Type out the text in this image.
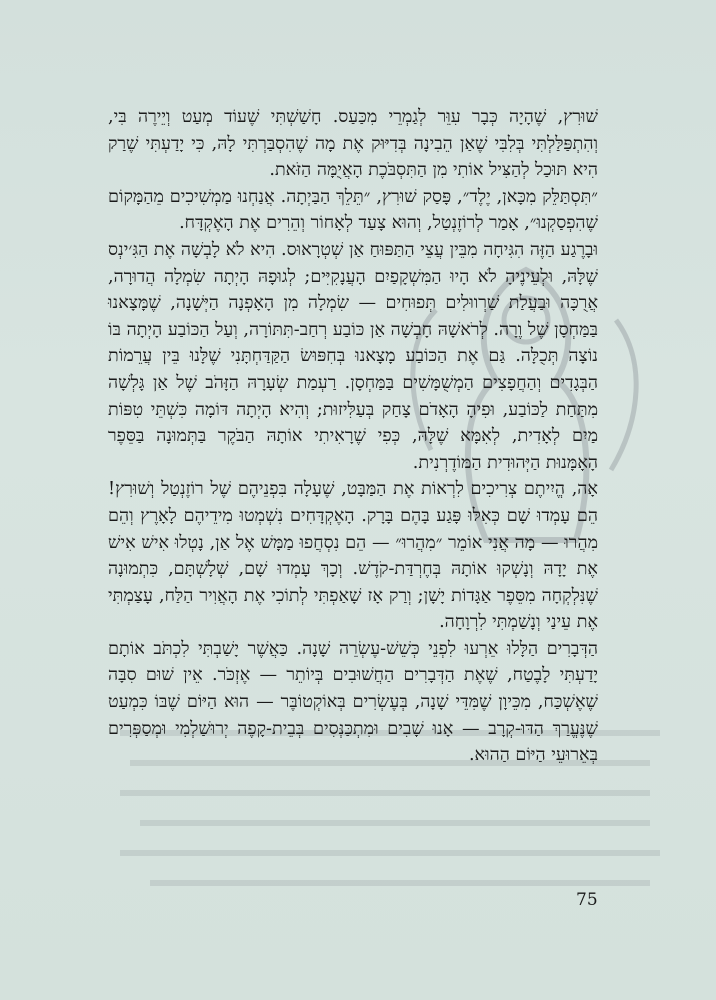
שׁוּרִץ, שֶׁהָיָה כְּבָר עִוֵּר לְגַמְרֵי מִכַּעַס. חָשַׁשְׁתִּי שֶׁעוֹד מְעַט וְיֵירֶה בִּי, וְהִתְפַּלַּלְתִּי בְּלִבִּי שֶׁאַן הֵבִינָה בְּדִיּוּק אֶת מָה שֶׁהִסְבַּרְתִּי לָהּ, כִּי יָדַעְתִּי שֶׁרַק הִיא תּוּכַל לְהַצִּיל אוֹתִי מִן הַתִּסְבֹּכֶת הָאֲיֻמָּה הַזֹּאת.

״תִּסְתַּלֵּק מִכָּאן, יֶלֶד״, פָּסַק שׁוּרִץ, ״תֵּלֵךְ הַבַּיְתָה. אֲנַחְנוּ מַמְשִׁיכִים מֵהַמָּקוֹם שֶׁהִפְסַקְנוּ״, אָמַר לְרוֹזֶנְטַל, וְהוּא צָעַד לְאָחוֹר וְהֵרִים אֶת הָאֶקְדָּח.

וּבָרֶגַע הַזֶּה הִגִּיחָה מִבֵּין עֲצֵי הַתַּפּוּחַ אַן שְׁטְרָאוּס. הִיא לֹא לָבְשָׁה אֶת הַגִּ׳ינְס שֶׁלָּהּ, וּלְעֵינֶיהָ לֹא הָיוּ הַמִּשְׁקָפַיִם הָעֲנָקִיִּים; לְגוּפָהּ הָיְתָה שִׂמְלָה הֲדוּרָה, אֲרֻכָּה וּבַעֲלַת שַׁרְווּלִים תְּפוּחִים — שִׂמְלָה מִן הָאָפְנָה הַיְּשָׁנָה, שֶׁמָּצָאנוּ בַּמַּחְסָן שֶׁל וֶרָה. לְרֹאשָׁהּ חָבְשָׁה אַן כּוֹבַע רְחַב-תִּתּוֹרָה, וְעַל הַכּוֹבַע הָיְתָה בּוֹ נוֹצָה תְּכֻלָּה. גַּם אֶת הַכּוֹבַע מָצָאנוּ בְּחִפּוּשׂ הַקַּדַּחְתָּנִי שֶׁלָּנוּ בֵּין עֲרֵמוֹת הַבְּגָדִים וְהַחֲפָצִים הַמְשֻׁמָּשִׁים בַּמַּחְסָן. רַעְמַת שְׂעָרָהּ הַזָּהֹב שֶׁל אַן גָּלְשָׁה מִתַּחַת לַכּוֹבַע, וּפִיהָ הָאָדֹם צָחַק בְּעַלִּיזוּת; וְהִיא הָיְתָה דּוֹמָה כִּשְׁתֵּי טִפּוֹת מַיִם לְאָדִית, לְאִמָּא שֶׁלָּהּ, כְּפִי שֶׁרָאִיתִי אוֹתָהּ הַבֹּקֶר בַּתְּמוּנָה בַּסֵּפֶר הָאָמָּנוּת הַיְּהוּדִית הַמּוֹדֶרְנִית.

אָה, הֱיִיתֶם צְרִיכִים לִרְאוֹת אֶת הַמַּבָּט, שֶׁעָלָה בִּפְנֵיהֶם שֶׁל רוֹזֶנְטַל וְשׁוּרִץ! הֵם עָמְדוּ שָׁם כְּאִלּוּ פָּגַע בָּהֶם בָּרָק. הָאֶקְדָּחִים נִשְׁמְטוּ מִידֵיהֶם לָאָרֶץ וְהֵם מִהֲרוּ — מָה אֲנִי אוֹמֵר ״מִהֲרוּ״ — הֵם נִסְחֲפוּ מַמָּשׁ אֶל אַן, נָטְלוּ אִישׁ אִישׁ אֶת יָדָהּ וְנָשְׁקוּ אוֹתָהּ בְּחֶרְדַּת-קֹדֶשׁ. וְכָךְ עָמְדוּ שָׁם, שְׁלָשְׁתָּם, כִּתְמוּנָה שֶׁנִּלְקְחָה מִסֵּפֶר אַגָּדוֹת יָשָׁן; וְרַק אָז שָׁאַפְתִּי לְתוֹכִי אֶת הָאֲוִיר הַלַּח, עָצַמְתִּי אֶת עֵינַי וְנָשַׁמְתִּי לִרְוָחָה.

הַדְּבָרִים הַלָּלוּ אֵרְעוּ לִפְנֵי כְּשֵׁשׁ-עֶשְׂרֵה שָׁנָה. כַּאֲשֶׁר יָשַׁבְתִּי לִכְתֹּב אוֹתָם יָדַעְתִּי לָבֶטַח, שֶׁאֶת הַדְּבָרִים הַחֲשׁוּבִים בְּיוֹתֵר — אֶזְכֹּר. אֵין שׁוּם סִבָּה שֶׁאֶשְׁכַּח, מִכֵּיוָן שֶׁמִּדֵּי שָׁנָה, בְּעֶשְׂרִים בְּאוֹקְטוֹבֶּר — הוּא הַיּוֹם שֶׁבּוֹ כִּמְעַט שֶׁנֶּעֱרַךְ הַדּוּ-קְרָב — אָנוּ שָׁבִים וּמִתְכַּנְּסִים בְּבֵית-קָפֶה יְרוּשַׁלְמִי וּמְסַפְּרִים בְּאֵרוּעֵי הַיּוֹם הַהוּא.

75
